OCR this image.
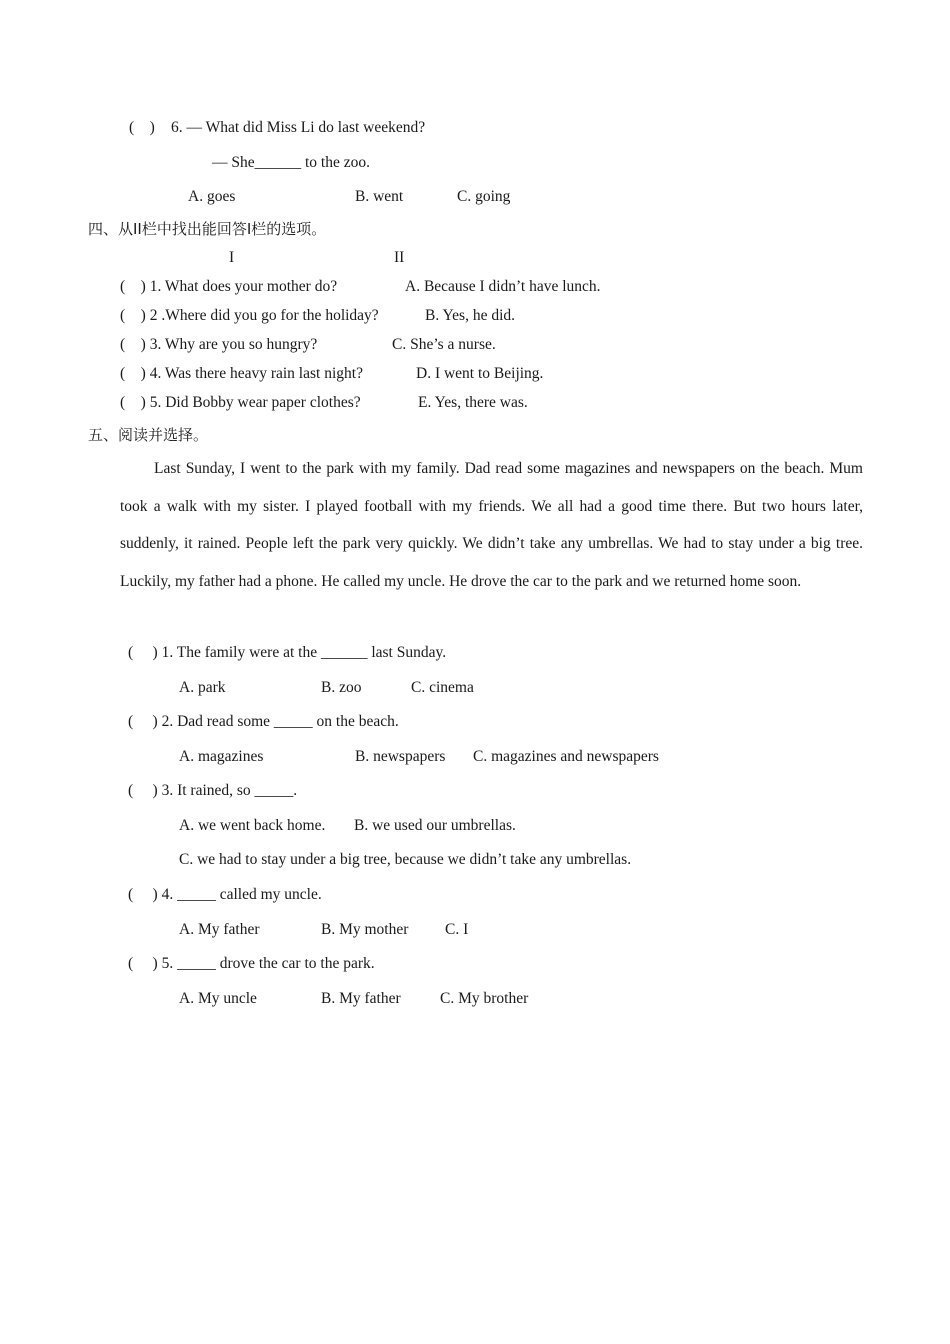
(    ) 6. — What did Miss Li do last weekend?
— She______ to the zoo.
A. goes	B. went	C. going
四、从II栏中找出能回答I栏的选项。
I	II
(    ) 1. What does your mother do?	A. Because I didn’t have lunch.
(    ) 2 .Where did you go for the holiday?	B. Yes, he did.
(    ) 3. Why are you so hungry?	C. She’s a nurse.
(    ) 4. Was there heavy rain last night?	D. I went to Beijing.
(    ) 5. Did Bobby wear paper clothes?	E. Yes, there was.
五、阅读并选择。
Last Sunday, I went to the park with my family. Dad read some magazines and newspapers on the beach. Mum took a walk with my sister. I played football with my friends. We all had a good time there. But two hours later, suddenly, it rained. People left the park very quickly. We didn’t take any umbrellas. We had to stay under a big tree. Luckily, my father had a phone. He called my uncle. He drove the car to the park and we returned home soon.
(     ) 1. The family were at the ______ last Sunday.
A. park	B. zoo	C. cinema
(     ) 2. Dad read some _____ on the beach.
A. magazines	B. newspapers C. magazines and newspapers
(     ) 3. It rained, so _____.
A. we went back home. B. we used our umbrellas.
C. we had to stay under a big tree, because we didn’t take any umbrellas.
(     ) 4. _____ called my uncle.
A. My father	B. My mother C. I
(     ) 5. _____ drove the car to the park.
A. My uncle	B. My father	C. My brother
